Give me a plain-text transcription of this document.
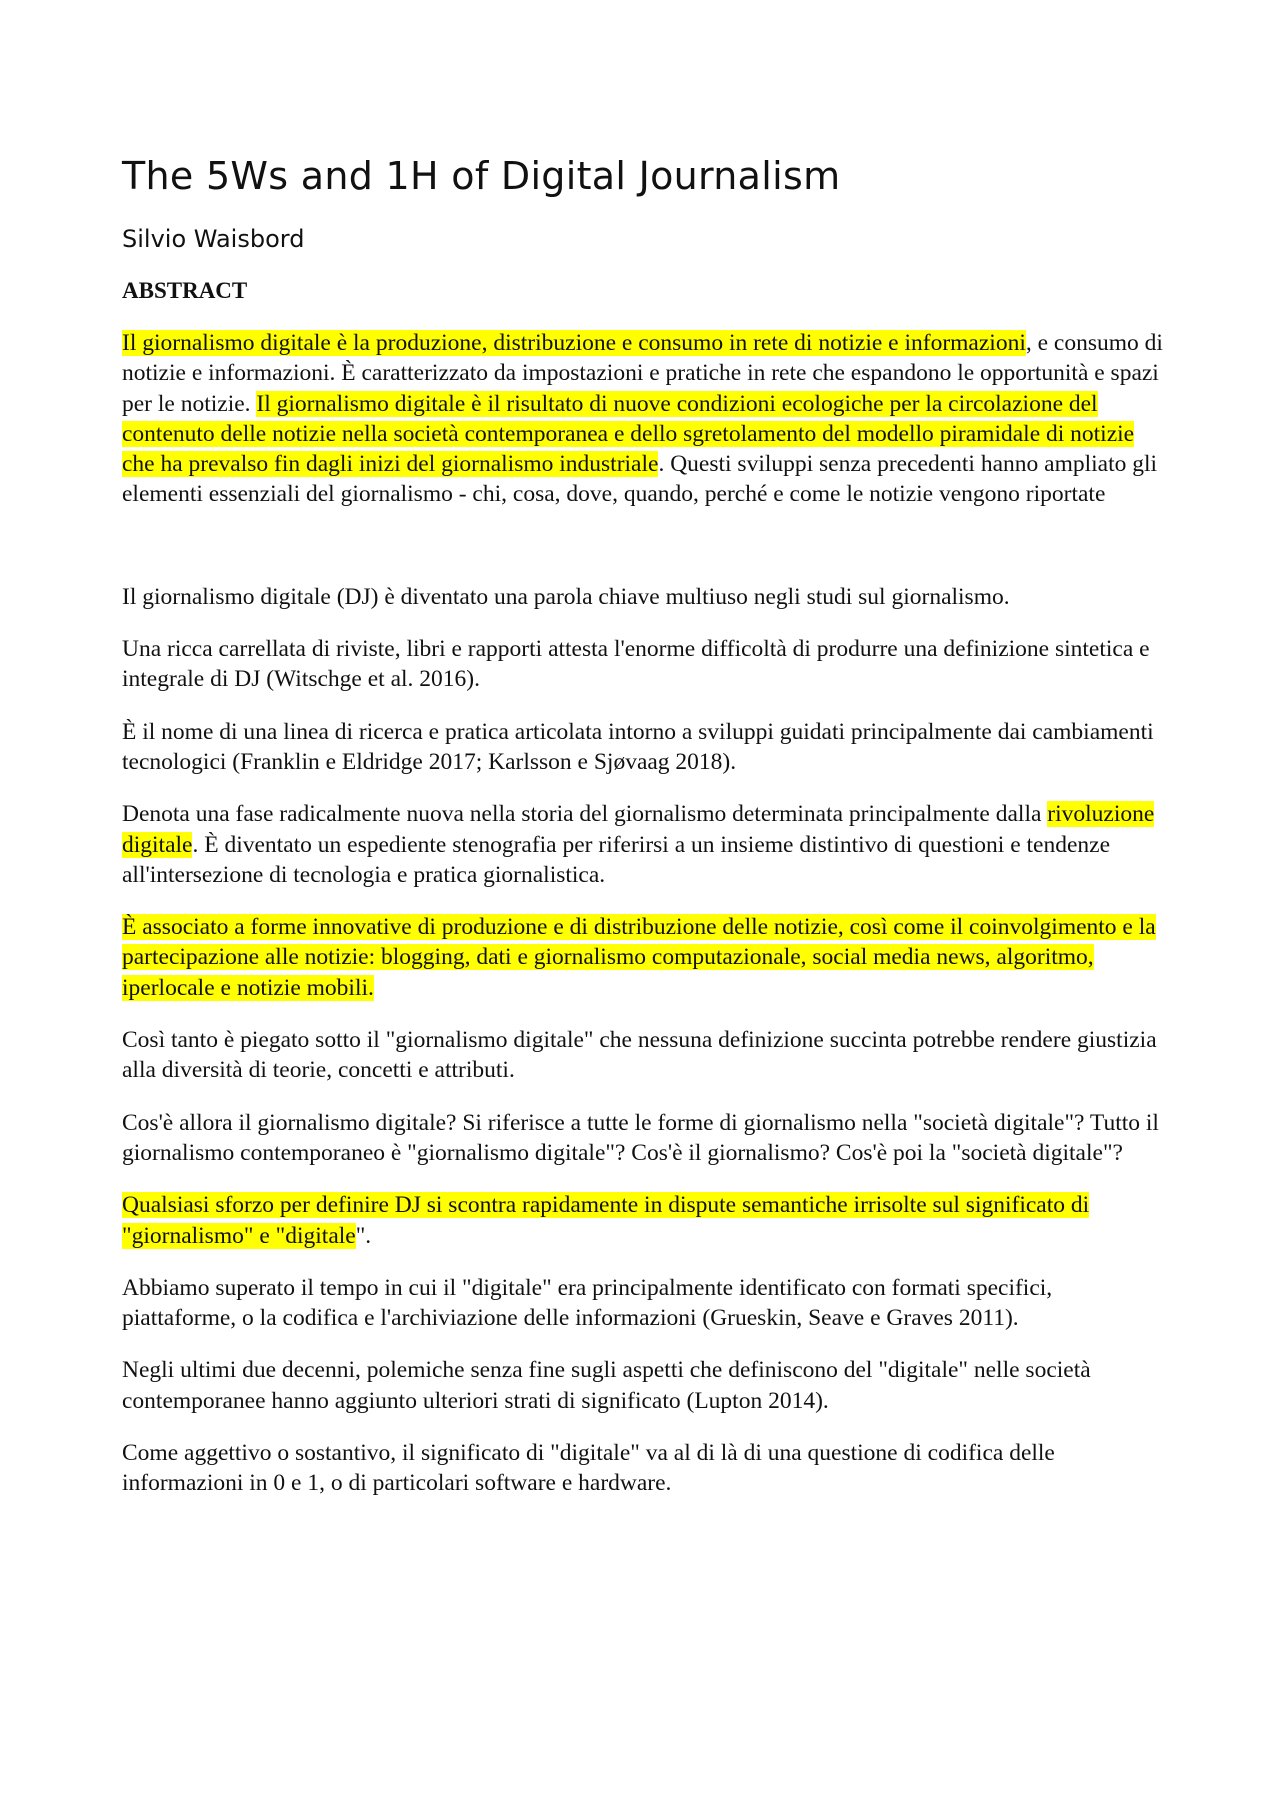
The 5Ws and 1H of Digital Journalism
Silvio Waisbord
ABSTRACT

Il giornalismo digitale è la produzione, distribuzione e consumo in rete di notizie e informazioni, e consumo di notizie e informazioni. È caratterizzato da impostazioni e pratiche in rete che espandono le opportunità e spazi per le notizie. Il giornalismo digitale è il risultato di nuove condizioni ecologiche per la circolazione del contenuto delle notizie nella società contemporanea e dello sgretolamento del modello piramidale di notizie che ha prevalso fin dagli inizi del giornalismo industriale. Questi sviluppi senza precedenti hanno ampliato gli elementi essenziali del giornalismo - chi, cosa, dove, quando, perché e come le notizie vengono riportate

Il giornalismo digitale (DJ) è diventato una parola chiave multiuso negli studi sul giornalismo.

Una ricca carrellata di riviste, libri e rapporti attesta l'enorme difficoltà di produrre una definizione sintetica e integrale di DJ (Witschge et al. 2016).

È il nome di una linea di ricerca e pratica articolata intorno a sviluppi guidati principalmente dai cambiamenti tecnologici (Franklin e Eldridge 2017; Karlsson e Sjøvaag 2018).

Denota una fase radicalmente nuova nella storia del giornalismo determinata principalmente dalla rivoluzione digitale. È diventato un espediente stenografia per riferirsi a un insieme distintivo di questioni e tendenze all'intersezione di tecnologia e pratica giornalistica.

È associato a forme innovative di produzione e di distribuzione delle notizie, così come il coinvolgimento e la partecipazione alle notizie: blogging, dati e giornalismo computazionale, social media news, algoritmo, iperlocale e notizie mobili.

Così tanto è piegato sotto il "giornalismo digitale" che nessuna definizione succinta potrebbe rendere giustizia alla diversità di teorie, concetti e attributi.

Cos'è allora il giornalismo digitale? Si riferisce a tutte le forme di giornalismo nella "società digitale"? Tutto il giornalismo contemporaneo è "giornalismo digitale"? Cos'è il giornalismo? Cos'è poi la "società digitale"?

Qualsiasi sforzo per definire DJ si scontra rapidamente in dispute semantiche irrisolte sul significato di "giornalismo" e "digitale".

Abbiamo superato il tempo in cui il "digitale" era principalmente identificato con formati specifici, piattaforme, o la codifica e l'archiviazione delle informazioni (Grueskin, Seave e Graves 2011).

Negli ultimi due decenni, polemiche senza fine sugli aspetti che definiscono del "digitale" nelle società contemporanee hanno aggiunto ulteriori strati di significato (Lupton 2014).

Come aggettivo o sostantivo, il significato di "digitale" va al di là di una questione di codifica delle informazioni in 0 e 1, o di particolari software e hardware.
